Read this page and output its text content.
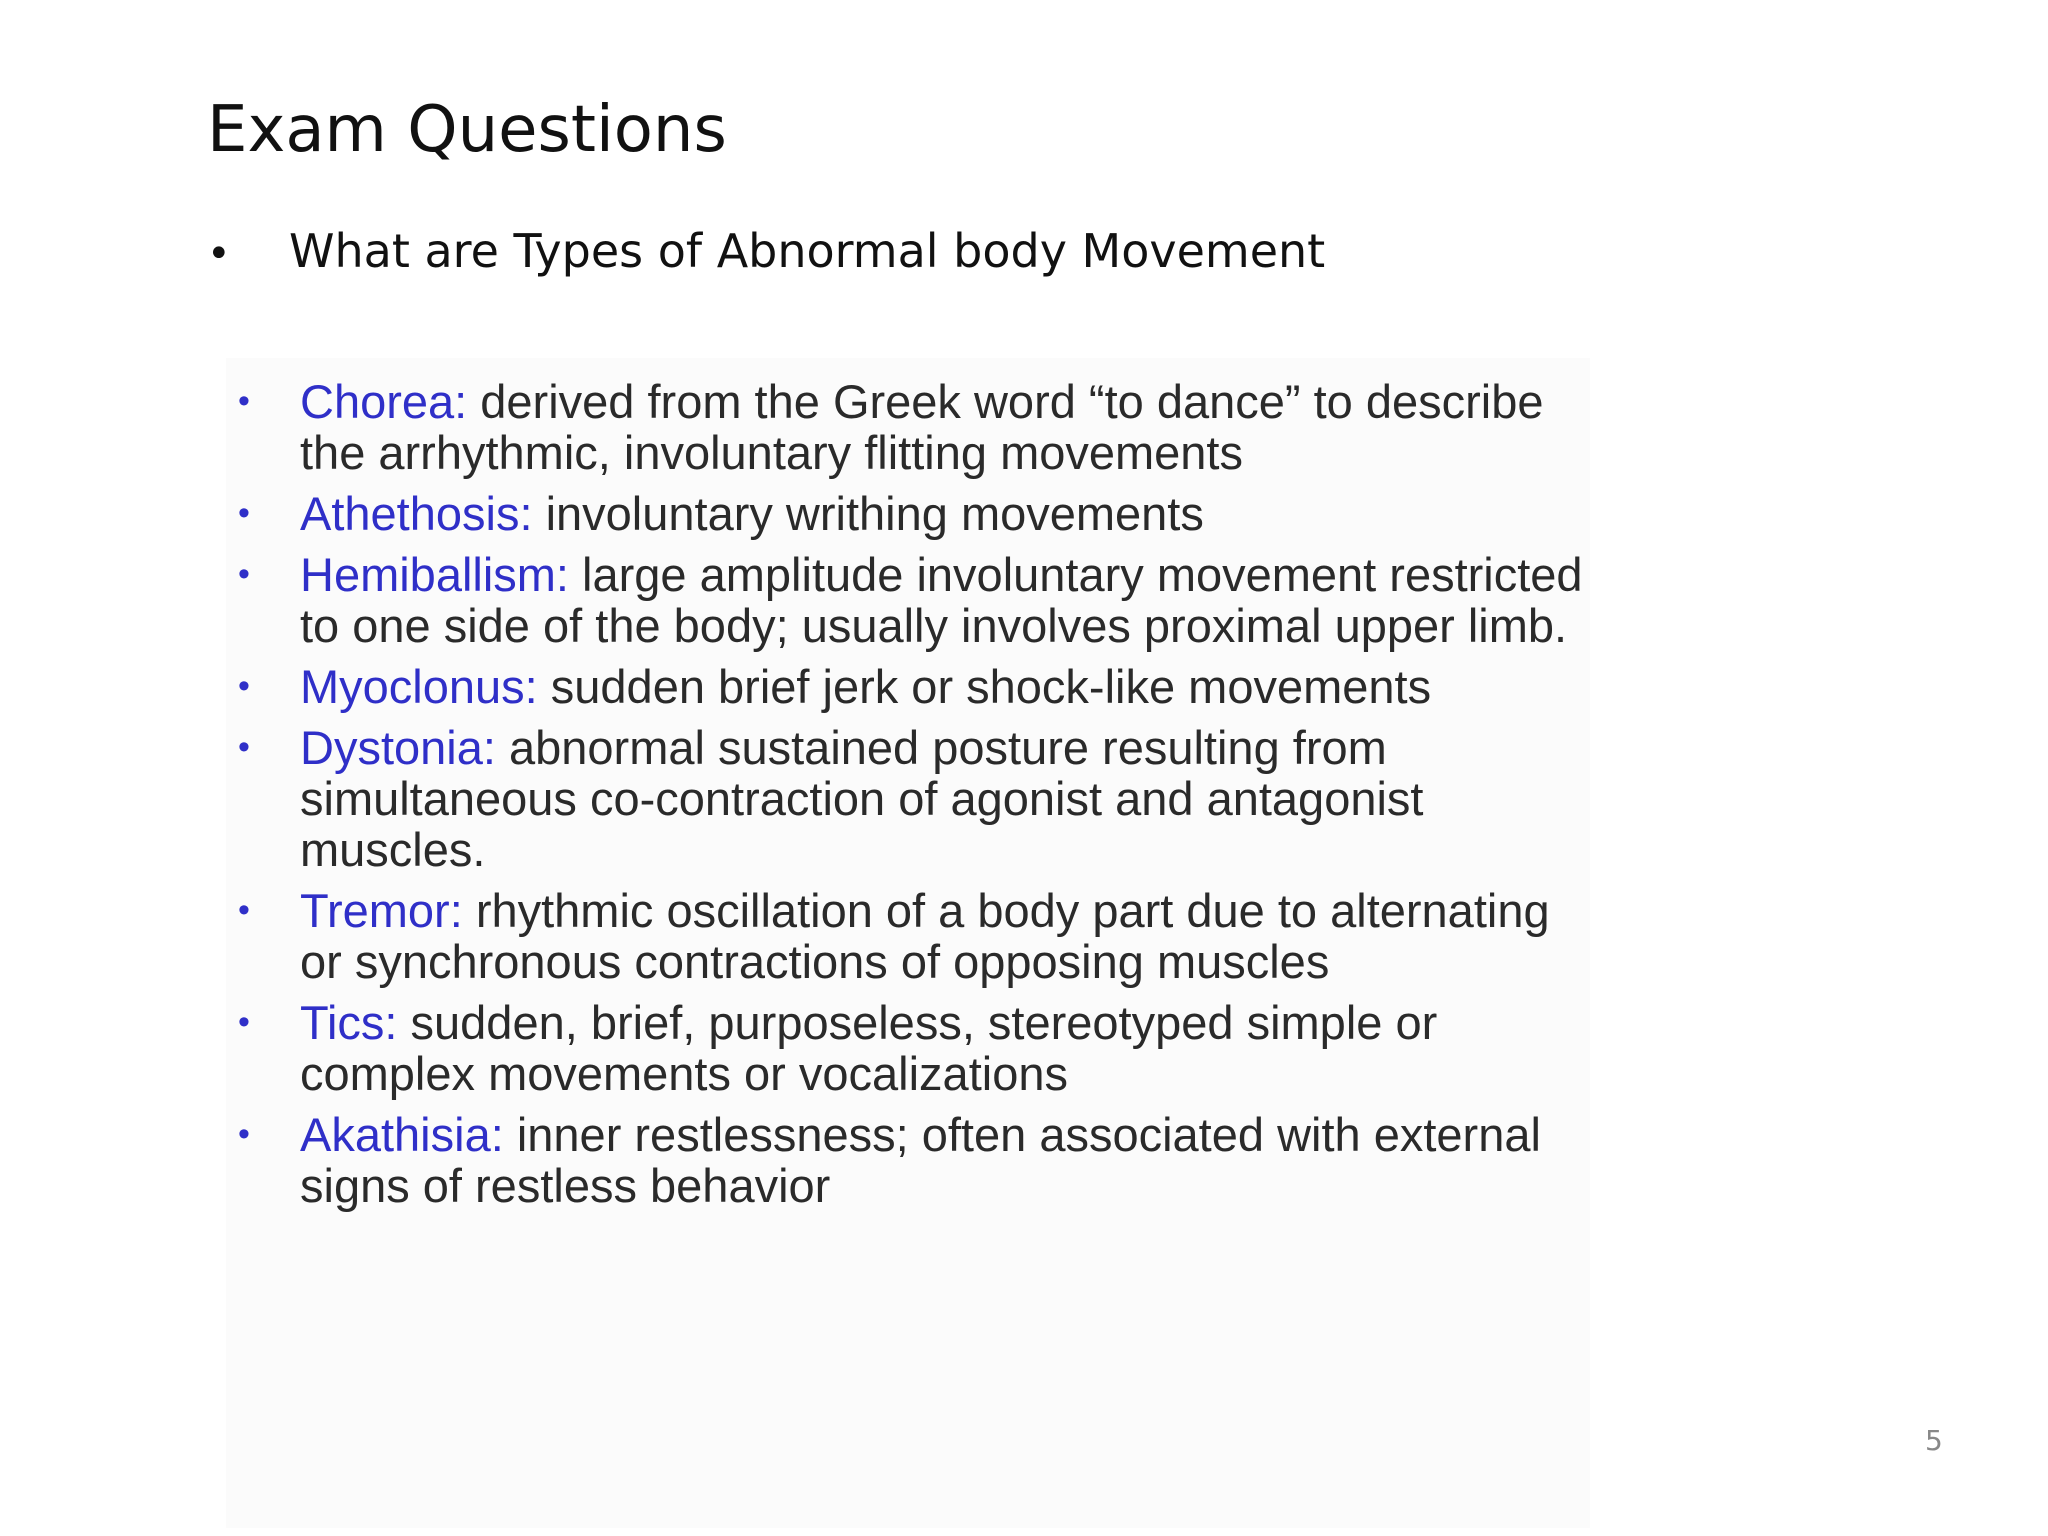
Exam Questions
•	What are Types of Abnormal body Movement
• Chorea: derived from the Greek word “to dance” to describe the arrhythmic, involuntary flitting movements
• Athethosis: involuntary writhing movements
• Hemiballism: large amplitude involuntary movement restricted to one side of the body; usually involves proximal upper limb.
• Myoclonus: sudden brief jerk or shock-like movements
• Dystonia: abnormal sustained posture resulting from simultaneous co-contraction of agonist and antagonist muscles.
• Tremor: rhythmic oscillation of a body part due to alternating or synchronous contractions of opposing muscles
• Tics: sudden, brief, purposeless, stereotyped simple or complex movements or vocalizations
• Akathisia: inner restlessness; often associated with external signs of restless behavior
5
